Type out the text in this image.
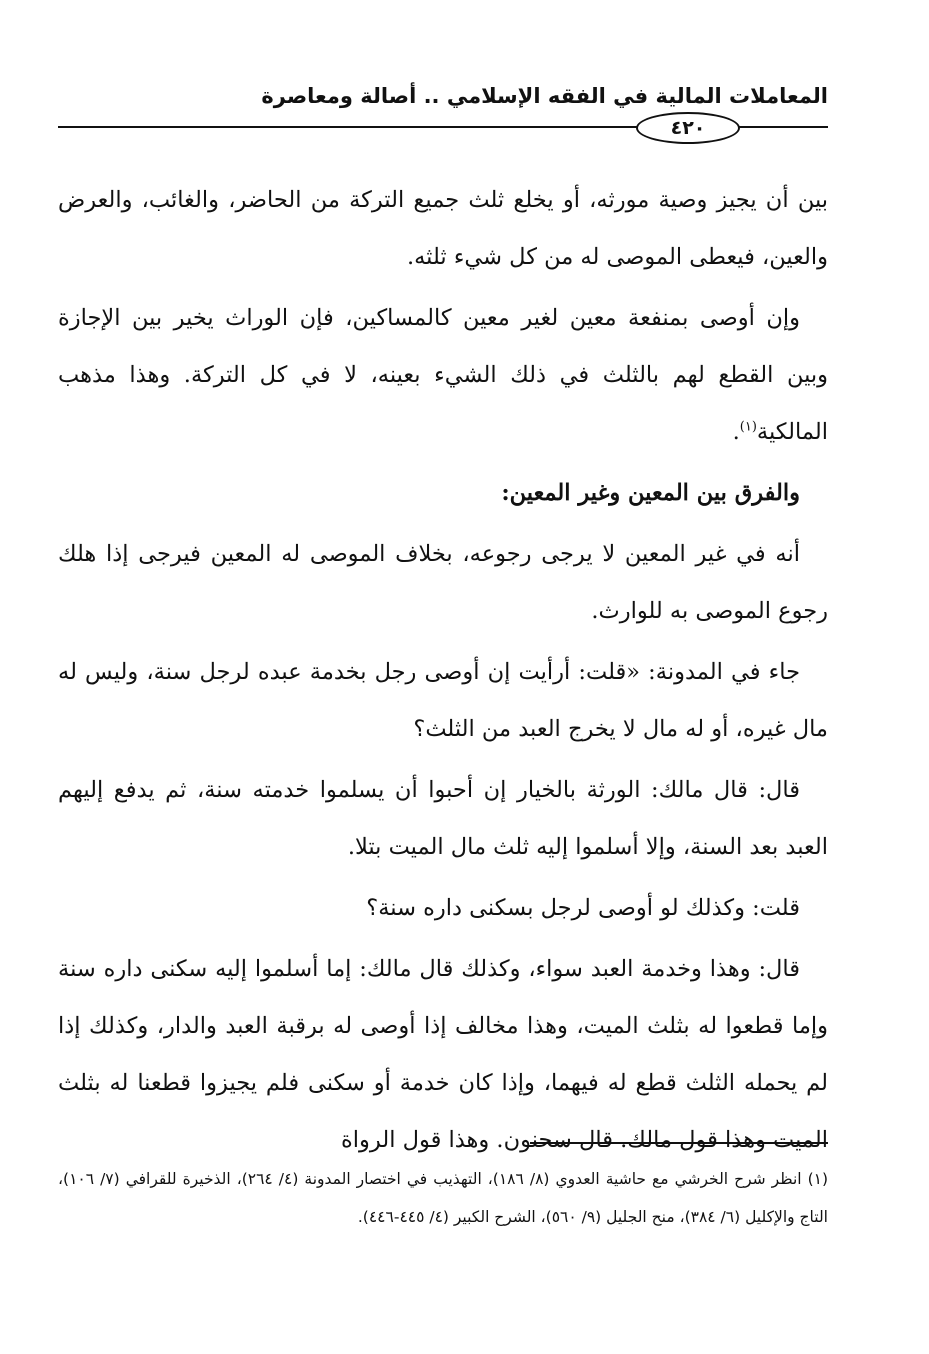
المعاملات المالية في الفقه الإسلامي .. أصالة ومعاصرة
٤٢٠

بين أن يجيز وصية مورثه، أو يخلع ثلث جميع التركة من الحاضر، والغائب، والعرض والعين، فيعطى الموصى له من كل شيء ثلثه.

وإن أوصى بمنفعة معين لغير معين كالمساكين، فإن الوراث يخير بين الإجازة وبين القطع لهم بالثلث في ذلك الشيء بعينه، لا في كل التركة. وهذا مذهب المالكية$^{(١)}$.

والفرق بين المعين وغير المعين:

أنه في غير المعين لا يرجى رجوعه، بخلاف الموصى له المعين فيرجى إذا هلك رجوع الموصى به للوارث.

جاء في المدونة: «قلت: أرأيت إن أوصى رجل بخدمة عبده لرجل سنة، وليس له مال غيره، أو له مال لا يخرج العبد من الثلث؟

قال: قال مالك: الورثة بالخيار إن أحبوا أن يسلموا خدمته سنة، ثم يدفع إليهم العبد بعد السنة، وإلا أسلموا إليه ثلث مال الميت بتلا.

قلت: وكذلك لو أوصى لرجل بسكنى داره سنة؟

قال: وهذا وخدمة العبد سواء، وكذلك قال مالك: إما أسلموا إليه سكنى داره سنة وإما قطعوا له بثلث الميت، وهذا مخالف إذا أوصى له برقبة العبد والدار، وكذلك إذا لم يحمله الثلث قطع له فيهما، وإذا كان خدمة أو سكنى فلم يجيزوا قطعنا له بثلث الميت وهذا قول مالك. قال سحنون. وهذا قول الرواة

(١) انظر شرح الخرشي مع حاشية العدوي (٨/ ١٨٦)، التهذيب في اختصار المدونة (٤/ ٢٦٤)، الذخيرة للقرافي (٧/ ١٠٦)، التاج والإكليل (٦/ ٣٨٤)، منح الجليل (٩/ ٥٦٠)، الشرح الكبير (٤/ ٤٤٥-٤٤٦).
